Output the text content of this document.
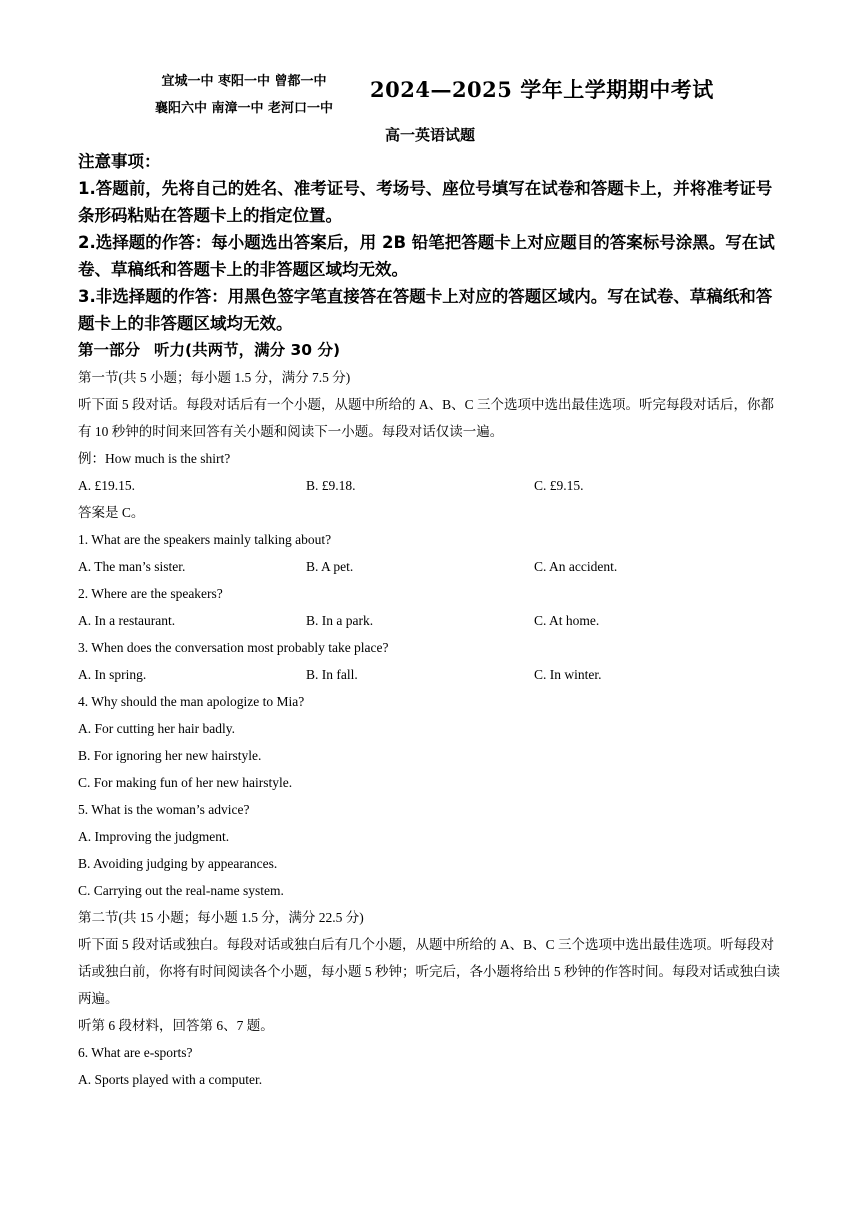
宜城一中 枣阳一中 曾都一中
襄阳六中 南漳一中 老河口一中
2024—2025 学年上学期期中考试
高一英语试题

注意事项：

1.答题前，先将自己的姓名、准考证号、考场号、座位号填写在试卷和答题卡上，并将准考证号条形码粘贴在答题卡上的指定位置。

2.选择题的作答：每小题选出答案后，用 2B 铅笔把答题卡上对应题目的答案标号涂黑。写在试卷、草稿纸和答题卡上的非答题区域均无效。

3.非选择题的作答：用黑色签字笔直接答在答题卡上对应的答题区域内。写在试卷、草稿纸和答题卡上的非答题区域均无效。

第一部分 听力(共两节，满分 30 分)

第一节(共 5 小题；每小题 1.5 分，满分 7.5 分)

听下面 5 段对话。每段对话后有一个小题，从题中所给的 A、B、C 三个选项中选出最佳选项。听完每段对话后，你都有 10 秒钟的时间来回答有关小题和阅读下一小题。每段对话仅读一遍。

例：How much is the shirt?

A. £19.15.	B. £9.18.	C. £9.15.

答案是 C。

1. What are the speakers mainly talking about?

A. The man’s sister.	B. A pet.	C. An accident.

2. Where are the speakers?

A. In a restaurant.	B. In a park.	C. At home.

3. When does the conversation most probably take place?

A. In spring.	B. In fall.	C. In winter.

4. Why should the man apologize to Mia?

A. For cutting her hair badly.

B. For ignoring her new hairstyle.

C. For making fun of her new hairstyle.

5. What is the woman’s advice?

A. Improving the judgment.

B. Avoiding judging by appearances.

C. Carrying out the real-name system.

第二节(共 15 小题；每小题 1.5 分，满分 22.5 分)

听下面 5 段对话或独白。每段对话或独白后有几个小题，从题中所给的 A、B、C 三个选项中选出最佳选项。听每段对话或独白前，你将有时间阅读各个小题，每小题 5 秒钟；听完后，各小题将给出 5 秒钟的作答时间。每段对话或独白读两遍。

听第 6 段材料，回答第 6、7 题。

6. What are e-sports?

A. Sports played with a computer.
